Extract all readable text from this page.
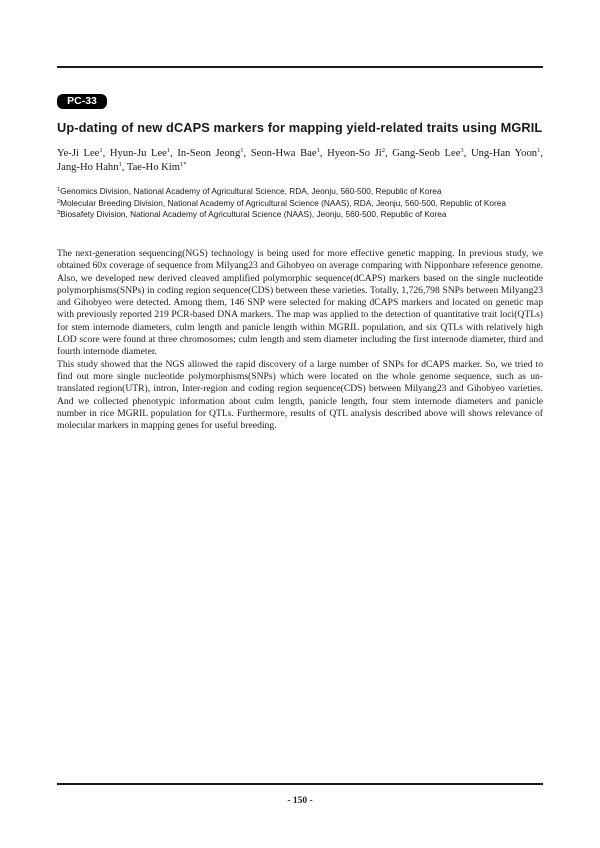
PC-33
Up-dating of new dCAPS markers for mapping yield-related traits using MGRIL

Ye-Ji Lee$^1$, Hyun-Ju Lee$^1$, In-Seon Jeong$^1$, Seon-Hwa Bae$^1$, Hyeon-So Ji$^2$, Gang-Seob Lee$^3$, Ung-Han Yoon$^1$, Jang-Ho Hahn$^1$, Tae-Ho Kim$^{1*}$

$^1$Genomics Division, National Academy of Agricultural Science, RDA, Jeonju, 560-500, Republic of Korea

$^2$Molecular Breeding Division, National Academy of Agricultural Science (NAAS), RDA, Jeonju, 560-500, Republic of Korea

$^3$Biosafety Division, National Academy of Agricultural Science (NAAS), Jeonju, 560-500, Republic of Korea

The next-generation sequencing(NGS) technology is being used for more effective genetic mapping. In previous study, we obtained 60x coverage of sequence from Milyang23 and Gihobyeo on average comparing with Nipponbare reference genome. Also, we developed new derived cleaved amplified polymorphic sequence(dCAPS) markers based on the single nucleotide polymorphisms(SNPs) in coding region sequence(CDS) between these varieties. Totally, 1,726,798 SNPs between Milyang23 and Gihobyeo were detected. Among them, 146 SNP were selected for making dCAPS markers and located on genetic map with previously reported 219 PCR-based DNA markers. The map was applied to the detection of quantitative trait loci(QTLs) for stem internode diameters, culm length and panicle length within MGRIL population, and six QTLs with relatively high LOD score were found at three chromosomes; culm length and stem diameter including the first internode diameter, third and fourth internode diameter.

This study showed that the NGS allowed the rapid discovery of a large number of SNPs for dCAPS marker. So, we tried to find out more single nucleotide polymorphisms(SNPs) which were located on the whole genome sequence, such as un-translated region(UTR), intron, Inter-region and coding region sequence(CDS) between Milyang23 and Gihobyeo varieties. And we collected phenotypic information about culm length, panicle length, four stem internode diameters and panicle number in rice MGRIL population for QTLs. Furthermore, results of QTL analysis described above will shows relevance of molecular markers in mapping genes for useful breeding.

- 150 -
